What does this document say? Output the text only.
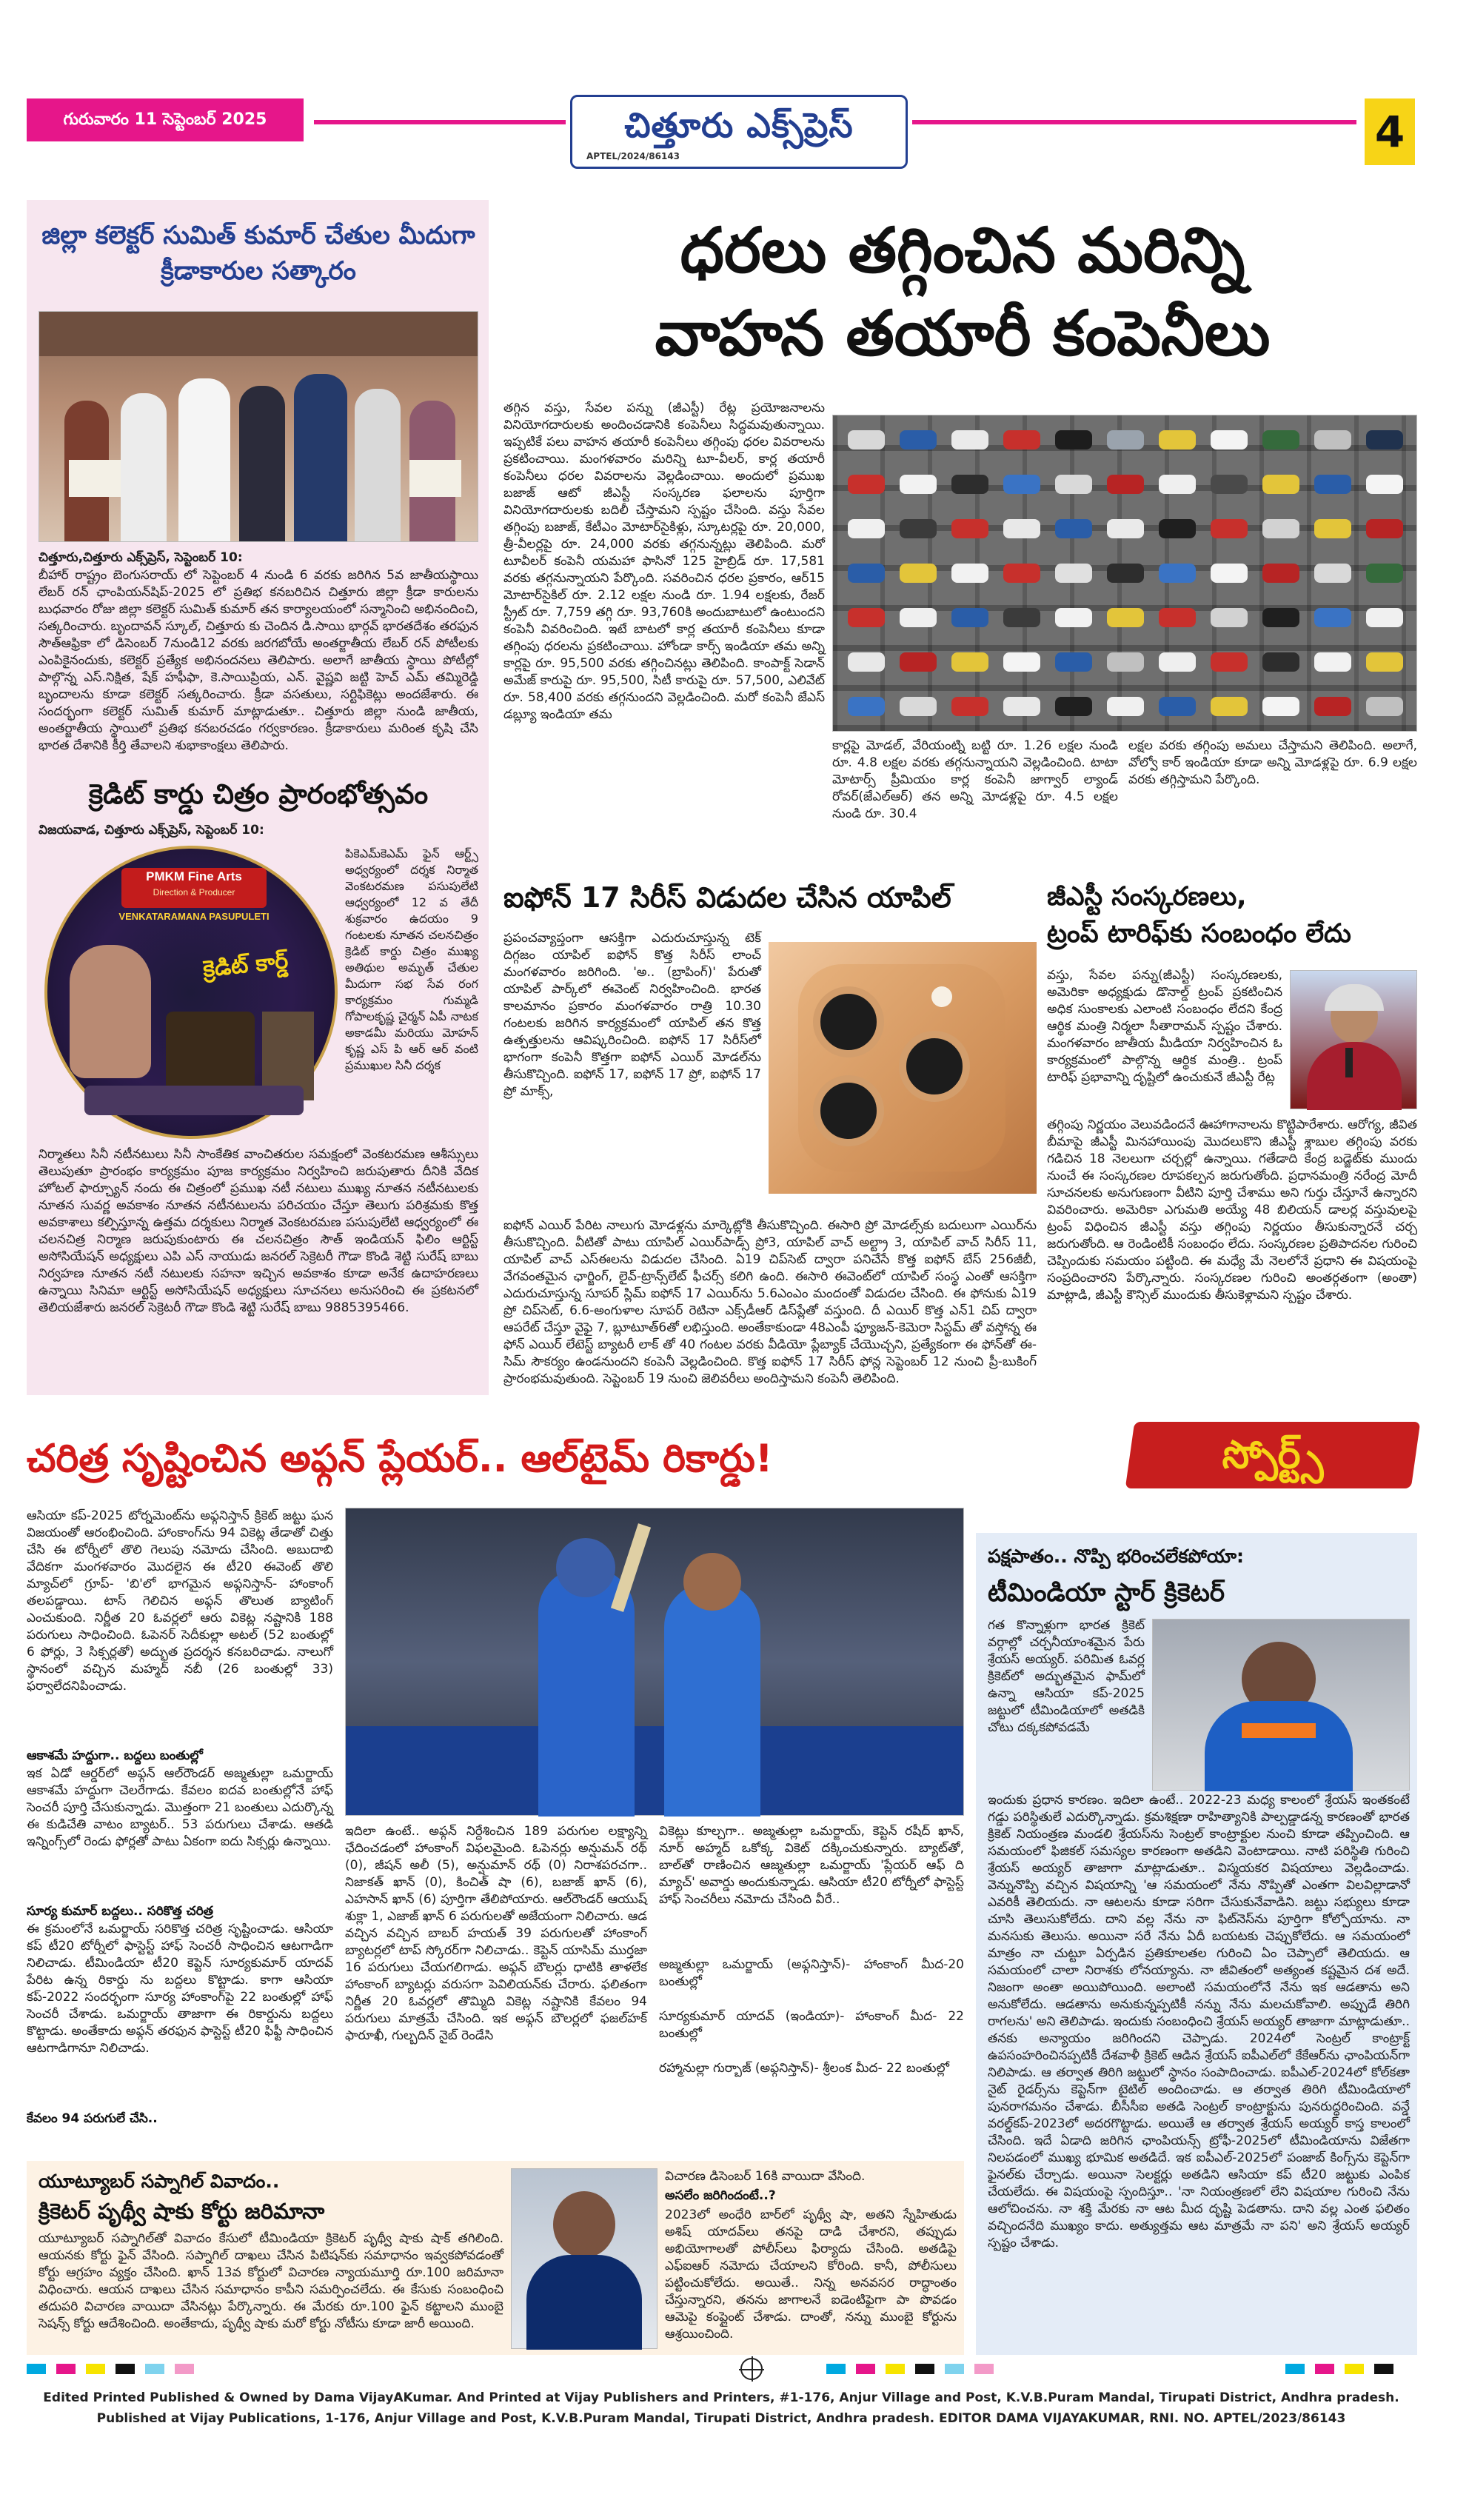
గురువారం 11 సెప్టెంబర్ 2025	చిత్తూరు ఎక్స్‌ప్రెస్
APTEL/2024/86143	4
జిల్లా కలెక్టర్ సుమిత్ కుమార్ చేతుల మీదుగా క్రీడాకారుల సత్కారం
చిత్తూరు,చిత్తూరు ఎక్స్‌ప్రెస్, సెప్టెంబర్ 10:
బీహార్ రాష్ట్రం బెంగుసరాయ్ లో సెప్టెంబర్ 4 నుండి 6 వరకు జరిగిన 5వ జాతీయస్థాయి లేబర్ రన్ ఛాంపియన్‌షిప్-2025 లో ప్రతిభ కనబరిచిన చిత్తూరు జిల్లా క్రీడా కారులను బుధవారం రోజు జిల్లా కలెక్టర్ సుమిత్ కుమార్ తన కార్యాలయంలో సన్మానించి అభినందించి, సత్కరించారు. బృందావన్ స్కూల్, చిత్తూరు కు చెందిన డి.సాయి భార్గవ్ భారతదేశం తరఫున సౌత్ఆఫ్రికా లో డిసెంబర్ 7నుండి12 వరకు జరగబోయే అంతర్జాతీయ లేబర్ రన్ పోటీలకు ఎంపికైనందుకు, కలెక్టర్ ప్రత్యేక అభినందనలు తెలిపారు. అలాగే జాతీయ స్థాయి పోటీల్లో పాల్గొన్న ఎస్.నిక్షిత, షేక్ హఫీఫా, కె.సాయిప్రియ, ఎన్. వైష్ణవి జట్టి హెచ్ ఎమ్ తమ్మిరెడ్డి బృందాలను కూడా కలెక్టర్ సత్కరించారు. క్రీడా వసతులు, సర్టిఫికెట్లు అందజేశారు. ఈ సందర్భంగా కలెక్టర్ సుమిత్ కుమార్ మాట్లాడుతూ.. చిత్తూరు జిల్లా నుండి జాతీయ, అంతర్జాతీయ స్థాయిలో ప్రతిభ కనబరచడం గర్వకారణం. క్రీడాకారులు మరింత కృషి చేసి భారత దేశానికి కీర్తి తేవాలని శుభాకాంక్షలు తెలిపారు.
క్రెడిట్ కార్డు చిత్రం ప్రారంభోత్సవం
విజయవాడ, చిత్తూరు ఎక్స్‌ప్రెస్, సెప్టెంబర్ 10:
PMKM Fine Arts
Direction & Producer
VENKATARAMANA PASUPULETI
క్రెడిట్ కార్డ్
పికెఎమ్‌కెఎమ్ ఫైన్ ఆర్ట్స్ అధ్వర్యంలో దర్శక నిర్మాత వెంకటరమణ పసుపులేటి ఆధ్వర్యంలో 12 వ తేదీ శుక్రవారం ఉదయం 9 గంటలకు నూతన చలనచిత్రం క్రెడిట్ కార్డు చిత్రం ముఖ్య అతిథుల అమృత్ చేతుల మీదుగా సభ సేవ రంగ కార్యక్రమం గుమ్మడి గోపాలకృష్ణ చైర్మన్ ఏపీ నాటక అకాడమీ మరియు మోహన్ కృష్ణ ఎస్ పి ఆర్ ఆర్ వంటి ప్రముఖుల సినీ దర్శక
నిర్మాతలు సినీ నటీనటులు సినీ సాంకేతిక వాంచితరుల సమక్షంలో వెంకటరమణ ఆశీస్సులు తెలుపుతూ ప్రారంభం కార్యక్రమం పూజ కార్యక్రమం నిర్వహించి జరుపుతారు దీనికి వేదిక హోటల్ ఫార్చ్యూన్ నందు ఈ చిత్రంలో ప్రముఖ నటీ నటులు ముఖ్య నూతన నటీనటులకు నూతన సువర్ణ అవకాశం నూతన నటీనటులను పరిచయం చేస్తూ తెలుగు పరిశ్రమకు కొత్త అవకాశాలు కల్పిస్తూన్న ఉత్తమ దర్శకులు నిర్మాత వెంకటరమణ పసుపులేటి ఆధ్వర్యంలో ఈ చలనచిత్ర నిర్మాణ జరుపుకుంటారు ఈ చలనచిత్రం సౌత్ ఇండియన్ ఫిలిం ఆర్టిస్ట్ అసోసియేషన్ అధ్యక్షులు ఎపి ఎస్ నాయుడు జనరల్ సెక్రెటరీ గౌడా కొండి శెట్టి సురేష్ బాబు నిర్వహణ నూతన నటీ నటులకు సహనా ఇచ్చిన అవకాశం కూడా అనేక ఉదాహరణలు ఉన్నాయి సినిమా ఆర్టిస్ట్ అసోసియేషన్ అధ్యక్షులు సూచనలు అనుసరించి ఈ ప్రకటనలో తెలియజేశారు జనరల్ సెక్రెటరీ గౌడా కొండి శెట్టి సురేష్ బాబు 9885395466.
ధరలు తగ్గించిన మరిన్ని
వాహన తయారీ కంపెనీలు
తగ్గిన వస్తు, సేవల పన్ను (జీఎస్టీ) రేట్ల ప్రయోజనాలను వినియోగదారులకు అందించడానికి కంపెనీలు సిద్ధమవుతున్నాయి. ఇప్పటికే పలు వాహన తయారీ కంపెనీలు తగ్గింపు ధరల వివరాలను ప్రకటించాయి. మంగళవారం మరిన్ని టూ-వీలర్, కార్ల తయారీ కంపెనీలు ధరల వివరాలను వెల్లడించాయి. అందులో ప్రముఖ బజాజ్ ఆటో జీఎస్టీ సంస్కరణ ఫలాలను పూర్తిగా వినియోగదారులకు బదిలీ చేస్తామని స్పష్టం చేసింది. వస్తు సేవల తగ్గింపు బజాజ్, కేటీఎం మోటార్‌సైకిళ్లు, స్కూటర్లపై రూ. 20,000, త్రీ-వీలర్లపై రూ. 24,000 వరకు తగ్గనున్నట్లు తెలిపింది. మరో టూవీలర్ కంపెనీ యమహా ఫాసినో 125 హైబ్రిడ్ రూ. 17,581 వరకు తగ్గనున్నాయని పేర్కొంది. సవరించిన ధరల ప్రకారం, ఆర్15 మోటార్‌సైకిల్ రూ. 2.12 లక్షల నుండి రూ. 1.94 లక్షలకు, రేజర్ స్ట్రీట్ రూ. 7,759 తగ్గి రూ. 93,760కి అందుబాటులో ఉంటుందని కంపెనీ వివరించింది. ఇటే బాటలో కార్ల తయారీ కంపెనీలు కూడా తగ్గింపు ధరలను ప్రకటించాయి. హోండా కార్స్ ఇండియా తమ అన్ని కార్లపై రూ. 95,500 వరకు తగ్గించినట్లు తెలిపింది. కాంపాక్ట్ సెడాన్ అమేజ్ కారుపై రూ. 95,500, సిటీ కారుపై రూ. 57,500, ఎలివేట్ రూ. 58,400 వరకు తగ్గనుందని వెల్లడించింది. మరో కంపెనీ జేఎస్ డబ్ల్యూ ఇండియా తమ
కార్లపై మోడల్, వేరియంట్ని బట్టి రూ. 1.26 లక్షల నుండి రూ. 4.8 లక్షల వరకు తగ్గనున్నాయని వెల్లడించింది. టాటా మోటార్స్ ప్రీమియం కార్ల కంపెనీ జాగ్వార్ ల్యాండ్ రోవర్(జేఎల్ఆర్) తన అన్ని మోడళ్లపై రూ. 4.5 లక్షల నుండి రూ. 30.4
లక్షల వరకు తగ్గింపు అమలు చేస్తామని తెలిపింది. అలాగే, వోల్వో కార్ ఇండియా కూడా అన్ని మోడళ్లపై రూ. 6.9 లక్షల వరకు తగ్గిస్తామని పేర్కొంది.
ఐఫోన్ 17 సిరీస్ విడుదల చేసిన యాపిల్
ప్రపంచవ్యాప్తంగా ఆసక్తిగా ఎదురుచూస్తున్న టెక్ దిగ్గజం యాపిల్ ఐఫోన్ కొత్త సిరీస్ లాంచ్ మంగళవారం జరిగింది. 'అ.. (బ్రాపింగ్)' పేరుతో యాపిల్ పార్క్‌లో ఈవెంట్ నిర్వహించింది. భారత కాలమానం ప్రకారం మంగళవారం రాత్రి 10.30 గంటలకు జరిగిన కార్యక్రమంలో యాపిల్ తన కొత్త ఉత్పత్తులను ఆవిష్కరించింది. ఐఫోన్ 17 సిరీస్‌లో భాగంగా కంపెనీ కొత్తగా ఐఫోన్ ఎయిర్ మోడల్‌ను తీసుకొచ్చింది. ఐఫోన్ 17, ఐఫోన్ 17 ప్రో, ఐఫోన్ 17 ప్రో మాక్స్,
ఐఫోన్ ఎయిర్ పేరిట నాలుగు మోడళ్లను మార్కెట్లోకి తీసుకొచ్చింది. ఈసారి ప్రో మోడల్స్‌కు బదులుగా ఎయిర్‌ను తీసుకొచ్చింది. వీటితో పాటు యాపిల్ ఎయిర్‌పాడ్స్ ప్రో3, యాపిల్ వాచ్ అల్ట్రా 3, యాపిల్ వాచ్ సిరీస్ 11, యాపిల్ వాచ్ ఎస్ఈలను విడుదల చేసింది. ఏ19 చిప్‌సెట్ ద్వారా పనిచేసే కొత్త ఐఫోన్ బేస్ 256జీబీ, వేగవంతమైన ఛార్జింగ్, లైవ్-ట్రాన్స్‌లేట్ ఫీచర్స్ కలిగి ఉంది. ఈసారి ఈవెంట్‌లో యాపిల్ సంస్థ ఎంతో ఆసక్తిగా ఎదురుచూస్తున్న సూపర్ స్లిమ్ ఐఫోన్ 17 ఎయిర్‌ను 5.6ఎంఎం మందంతో విడుదల చేసింది. ఈ ఫోనుకు ఏ19 ప్రో చిప్‌సెట్, 6.6-అంగుళాల సూపర్ రెటినా ఎక్స్‌డీఆర్ డిస్‌ప్లే‌తో వస్తుంది. దీ ఎయిర్ కొత్త ఎన్1 చిప్ ద్వారా ఆపరేట్ చేస్తూ వైఫై 7, బ్లూటూత్‌6తో లభిస్తుంది. అంతేకాకుండా 48ఎంపీ ఫ్యూజన్-కెమెరా సిస్టమ్ తో వస్తోన్న ఈ ఫోన్ ఎయిర్ లేటెస్ట్ బ్యాటరీ లాక్ తో 40 గంటల వరకు వీడియో ప్లేబ్యాక్ చేయొచ్చని, ప్రత్యేకంగా ఈ ఫోన్‌తో ఈ-సిమ్ సౌకర్యం ఉండనుందని కంపెనీ వెల్లడించింది. కొత్త ఐఫోన్ 17 సిరీస్ ఫోన్ల సెప్టెంబర్ 12 నుంచి ప్రీ-బుకింగ్ ప్రారంభమవుతుంది. సెప్టెంబర్ 19 నుంచి జెలివరీలు అందిస్తామని కంపెనీ తెలిపింది.
జీఎస్టీ సంస్కరణలు,
ట్రంప్ టారిఫ్‌కు సంబంధం లేదు
వస్తు, సేవల పన్ను(జీఎస్టీ) సంస్కరణలకు, అమెరికా అధ్యక్షుడు డొనాల్డ్ ట్రంప్ ప్రకటించిన అధిక సుంకాలకు ఎలాంటి సంబంధం లేదని కేంద్ర ఆర్థిక మంత్రి నిర్మలా సీతారామన్ స్పష్టం చేశారు. మంగళవారం జాతీయ మీడియా నిర్వహించిన ఓ కార్యక్రమంలో పాల్గొన్న ఆర్థిక మంత్రి.. ట్రంప్ టారిఫ్ ప్రభావాన్ని దృష్టిలో ఉంచుకునే జీఎస్టీ రేట్ల
తగ్గింపు నిర్ణయం వెలువడిందనే ఊహాగానాలను కొట్టిపారేశారు. ఆరోగ్య, జీవిత బీమాపై జీఎస్టీ మినహాయింపు మొదలుకొని జీఎస్టీ శ్లాబుల తగ్గింపు వరకు గడిచిన 18 నెలలుగా చర్చల్లో ఉన్నాయి. గతేడాది కేంద్ర బడ్జెట్‌కు ముందు నుంచే ఈ సంస్కరణల రూపకల్పన జరుగుతోంది. ప్రధానమంత్రి నరేంద్ర మోదీ సూచనలకు అనుగుణంగా వీటిని పూర్తి చేశాము అని గుర్తు చేస్తూనే ఉన్నారని వివరించారు. అమెరికా ఎగుమతి అయ్యే 48 బిలియన్ డాలర్ల వస్తువులపై ట్రంప్ విధించిన జీఎస్టీ వస్తు తగ్గింపు నిర్ణయం తీసుకున్నారనే చర్చ జరుగుతోంది. ఆ రెండింటికీ సంబంధం లేదు. సంస్కరణల ప్రతిపాదనల గురించి చెప్పిందుకు సమయం పట్టింది. ఈ మధ్యే మే నెలలోనే ప్రధాని ఈ విషయంపై సంప్రదించారని పేర్కొన్నారు. సంస్కరణల గురించి అంతర్గతంగా (అంతా) మాట్లాడి, జీఎస్టీ కౌన్సిల్ ముందుకు తీసుకెళ్లామని స్పష్టం చేశారు.
చరిత్ర సృష్టించిన అఫ్గన్ ప్లేయర్.. ఆల్‌టైమ్ రికార్డు!	స్పోర్ట్స్
ఆసియా కప్-2025 టోర్నమెంట్‌ను అఫ్గనిస్తాన్ క్రికెట్ జట్టు ఘన విజయంతో ఆరంభించింది. హాంకాంగ్‌ను 94 వికెట్ల తేడాతో చిత్తు చేసి ఈ టోర్నీలో తొలి గెలుపు నమోదు చేసింది. అబుదాబి వేదికగా మంగళవారం మొదలైన ఈ టీ20 ఈవెంట్ తొలి మ్యాచ్‌లో గ్రూప్- 'బి'లో భాగమైన అఫ్గనిస్తాన్- హాంకాంగ్ తలపడ్డాయి. టాస్ గెలిచిన అఫ్గన్ తొలుత బ్యాటింగ్ ఎంచుకుంది. నిర్ణీత 20 ఓవర్లలో ఆరు వికెట్ల నష్టానికి 188 పరుగులు సాధించింది. ఓపెనర్ సెదీకుల్లా అటల్ (52 బంతుల్లో 6 ఫోర్లు, 3 సిక్సర్లతో) అద్భుత ప్రదర్శన కనబరిచాడు. నాలుగో స్థానంలో వచ్చిన మహ్మద్ నబీ (26 బంతుల్లో 33) ఫర్వాలేదనిపించాడు.
ఆకాశమే హద్దుగా.. బద్దలు బంతుల్లో
ఇక ఏడో ఆర్డర్‌లో అఫ్గన్ ఆల్‌రౌండర్ అజ్మతుల్లా ఒమర్జాయ్ ఆకాశమే హద్దుగా చెలరేగాడు. కేవలం ఐదవ బంతుల్లోనే హాఫ్ సెంచరీ పూర్తి చేసుకున్నాడు. మొత్తంగా 21 బంతులు ఎదుర్కొన్న ఈ కుడిచేతి వాటం బ్యాటర్.. 53 పరుగులు చేశాడు. ఆతడి ఇన్నింగ్స్‌లో రెండు ఫోర్లతో పాటు ఏకంగా ఐదు సిక్సర్లు ఉన్నాయి.
సూర్య కుమార్ బద్దలు.. సరికొత్త చరిత్ర
ఈ క్రమంలోనే ఒమర్జాయ్ సరికొత్త చరిత్ర సృష్టించాడు. ఆసియా కప్ టీ20 టోర్నీలో ఫాస్టెస్ట్ హాఫ్ సెంచరీ సాధించిన ఆటగాడిగా నిలిచాడు. టీమిండియా టీ20 కెప్టెన్ సూర్యకుమార్ యాదవ్ పేరిట ఉన్న రికార్డు ను బద్దలు కొట్టాడు. కాగా ఆసియా కప్-2022 సందర్భంగా సూర్య హాంకాంగ్‌పై 22 బంతుల్లో హాఫ్ సెంచరీ చేశాడు. ఒమర్జాయ్ తాజాగా ఈ రికార్డును బద్దలు కొట్టాడు. అంతేకాదు అఫ్గన్ తరఫున ఫాస్టెస్ట్ టీ20 ఫిఫ్టీ సాధించిన ఆటగాడిగానూ నిలిచాడు.
కేవలం 94 పరుగులే చేసి..
ఇదిలా ఉంటే.. అఫ్గన్ నిర్దేశించిన 189 పరుగుల లక్ష్యాన్ని ఛేదించడంలో హాంకాంగ్ విఫలమైంది. ఓపెనర్లు అన్షుమన్ రథ్ (0), జీషన్ అలీ (5), అన్షుమాన్ రథ్ (0) నిరాశపరచగా.. నిజాకత్ ఖాన్ (0), కించిత్ షా (6), బజాజ్ ఖాన్ (6), ఎహసాన్ ఖాన్ (6) పూర్తిగా తేలిపోయారు. ఆల్‌రౌండర్ ఆయుష్ శుక్లా 1, ఎజాజ్ ఖాన్ 6 పరుగులతో అజేయంగా నిలిచారు. ఆడ వచ్చిన వచ్చిన బాబర్ హయత్ 39 పరుగులతో హాంకాంగ్ బ్యాటర్లలో టాప్ స్కోరర్‌గా నిలిచాడు.. కెప్టెన్ యాసిమ్ ముర్తజా 16 పరుగులు చేయగలిగాడు. అఫ్గన్ బౌలర్లు ధాటికి తాళలేక హాంకాంగ్ బ్యాటర్లు వరుసగా పెవిలియన్‌కు చేరారు. ఫలితంగా నిర్ణీత 20 ఓవర్లలో తొమ్మిది వికెట్ల నష్టానికి కేవలం 94 పరుగులు మాత్రమే చేసింది. ఇక అఫ్గన్ బౌలర్లలో ఫజల్‌హక్ ఫారూఖీ, గుల్బదిన్ నైబ్ రెండేసి
వికెట్లు కూల్చగా.. అజ్మతుల్లా ఒమర్జాయ్, కెప్టెన్ రషీద్ ఖాన్, నూర్ అహ్మద్ ఒకోక్క వికెట్ దక్కించుకున్నారు. బ్యాట్‌తో, బాల్‌తో రాణించిన ఆజ్మతుల్లా ఒమర్జాయ్ 'ప్లేయర్ ఆఫ్ ది మ్యాచ్' అవార్డు అందుకున్నాడు. ఆసియా టీ20 టోర్నీలో ఫాస్టెస్ట్ హాఫ్ సెంచరీలు నమోదు చేసింది వీరే..
అజ్మతుల్లా ఒమర్జాయ్ (అఫ్గనిస్తాన్)- హాంకాంగ్ మీద-20 బంతుల్లో
సూర్యకుమార్ యాదవ్ (ఇండియా)- హాంకాంగ్ మీద- 22 బంతుల్లో
రహ్మానుల్లా గుర్బాజ్ (అఫ్గనిస్తాన్)- శ్రీలంక మీద- 22 బంతుల్లో
పక్షపాతం.. నొప్పి భరించలేకపోయా:
టీమిండియా స్టార్ క్రికెటర్
గత కొన్నాళ్లుగా భారత క్రికెట్ వర్గాల్లో చర్చనీయాంశమైన పేరు శ్రేయస్ అయ్యర్. పరిమిత ఓవర్ల క్రికెట్‌లో అద్భుతమైన ఫామ్‌లో ఉన్నా ఆసియా కప్-2025 జట్టులో టీమిండియాలో అతడికి చోటు దక్కకపోవడమే
ఇందుకు ప్రధాన కారణం. ఇదిలా ఉంటే.. 2022-23 మధ్య కాలంలో శ్రేయస్ ఇంతకంటే గడ్డు పరిస్థితులే ఎదుర్కొన్నాడు. క్రమశిక్షణా రాహిత్యానికి పాల్పడ్డాడన్న కారణంతో భారత క్రికెట్ నియంత్రణ మండలి శ్రేయస్‌ను సెంట్రల్ కాంట్రాక్టుల నుంచి కూడా తప్పించింది. ఆ సమయంలో ఫిజికల్ సమస్యల కారణంగా అతడిని వెంటాడాయి. నాటి పరిస్థితి గురించి శ్రేయస్ అయ్యర్ తాజాగా మాట్లాడుతూ.. విస్మయకర విషయాలు వెల్లడించాడు. వెన్నునొప్పి వచ్చిన విషయాన్ని 'ఆ సమయంలో నేను నొప్పితో ఎంతగా విలవిల్లాడానో ఎవరికీ తెలియదు. నా ఆటలను కూడా సరిగా చేసుకునేవాడిని. జట్టు సభ్యులు కూడా చూసి తెలుసుకోలేదు. దాని వల్ల నేను నా ఫిట్‌నెస్‌ను పూర్తిగా కోల్పోయాను. నా మనసుకు తెలుసు. అయినా సరే నేను ఏదీ బయటకు చెప్పుకోలేదు. ఆ సమయంలో మాత్రం నా చుట్టూ ఏర్పడిన ప్రతికూలతల గురించి ఏం చెప్పాలో తెలియదు. ఆ సమయంలో చాలా నిరాశకు లోనయ్యాను. నా జీవితంలో అత్యంత కష్టమైన దశ అదే. నిజంగా అంతా అయిపోయింది. అలాంటి సమయంలోనే నేను ఇక ఆడతాను అని అనుకోలేదు. ఆడతాను అనుకున్నప్పటికీ నన్ను నేను మలచుకోవాలి. అప్పుడే తిరిగి రాగలను' అని తెలిపాడు. ఇందుకు సంబంధించి శ్రేయస్ అయ్యర్ తాజాగా మాట్లాడుతూ.. తనకు అన్యాయం జరిగిందని చెప్పాడు. 2024లో సెంట్రల్ కాంట్రాక్ట్ ఉపసంహరించినప్పటికీ దేశవాళీ క్రికెట్ ఆడిన శ్రేయస్ ఐపీఎల్‌లో కేకేఆర్‌ను ఛాంపియన్‌గా నిలిపాడు. ఆ తర్వాత తిరిగి జట్టులో స్థానం సంపాదించాడు. ఐపీఎల్-2024లో కోల్‌కతా నైట్ రైడర్స్‌ను కెప్టెన్‌గా టైటిల్ అందించాడు. ఆ తర్వాత తిరిగి టీమిండియాలో పునరాగమనం చేశాడు. బీసీసీఐ అతడి సెంట్రల్ కాంట్రాక్టును పునరుద్ధరించింది. వన్డే వరల్డ్‌కప్-2023లో అదరగొట్టాడు. అయితే ఆ తర్వాత శ్రేయస్ అయ్యర్ కాస్త కాలంలో చేసింది. ఇదే ఏడాది జరిగిన ఛాంపియన్స్ ట్రోఫీ-2025లో టీమిండియాను విజేతగా నిలపడంలో ముఖ్య భూమిక అతడిదే. ఇక ఐపీఎల్-2025లో పంజాబ్ కింగ్స్‌ను కెప్టెన్‌గా ఫైనల్‌కు చేర్చాడు. అయినా సెలక్టర్లు అతడిని ఆసియా కప్ టీ20 జట్టుకు ఎంపిక చేయలేదు. ఈ విషయంపై స్పందిస్తూ.. 'నా నియంత్రణలో లేని విషయాల గురించి నేను ఆలోచించను. నా శక్తి మేరకు నా ఆట మీద దృష్టి పెడతాను. దాని వల్ల ఎంత ఫలితం వచ్చిందనేది ముఖ్యం కాదు. అత్యుత్తమ ఆట మాత్రమే నా పని' అని శ్రేయస్ అయ్యర్ స్పష్టం చేశాడు.
యూట్యూబర్ సప్నాగిల్ వివాదం..
క్రికెటర్ పృథ్వీ షాకు కోర్టు జరిమానా
యూట్యూబర్ సప్నాగిల్‌తో వివాదం కేసులో టీమిండియా క్రికెటర్ పృథ్వీ షాకు షాక్ తగిలింది. ఆయనకు కోర్టు ఫైన్ వేసింది. సప్నాగిల్ దాఖలు చేసిన పిటిషన్‌కు సమాధానం ఇవ్వకపోవడంతో కోర్టు ఆగ్రహం వ్యక్తం చేసింది. ఖాన్ 13వ కోర్టులో విచారణ న్యాయమూర్తి రూ.100 జరిమానా విధించారు. ఆయన దాఖలు చేసిన సమాధానం కాపీని సమర్పించలేదు. ఈ కేసుకు సంబంధించి తదుపరి విచారణ వాయిదా వేసినట్లు పేర్కొన్నారు. ఈ మేరకు రూ.100 ఫైన్ కట్టాలని ముంబై సెషన్స్ కోర్టు ఆదేశించింది. అంతేకాదు, పృథ్వీ షాకు మరో కోర్టు నోటీసు కూడా జారీ అయింది.
విచారణ డిసెంబర్ 16కి వాయిదా వేసింది.
అసలేం జరిగిందంటే..?
2023లో అంధేరి బార్‌లో పృథ్వీ షా, అతని స్నేహితుడు అశిష్ యాదవ్‌లు తనపై దాడి చేశారని, తప్పుడు అభియోగాలతో పోలీస్‌లు ఫిర్యాదు చేసింది. అతడిపై ఎఫ్ఐఆర్ నమోదు చేయాలని కోరింది. కానీ, పోలీసులు పట్టించుకోలేదు. అయితే.. నిన్న అనవసర రాద్ధాంతం చేస్తున్నారని, తనను జాగాలనే ఐడెంటిఫైగా పా పొవడం ఆమెపై కంప్లైంట్ చేశాడు. దాంతో, నన్ను ముంబై కోర్టును ఆశ్రయించింది.
Edited Printed Published & Owned by Dama VijayAKumar. And Printed at Vijay Publishers and Printers, #1-176, Anjur Village and Post, K.V.B.Puram Mandal, Tirupati District, Andhra pradesh.
Published at Vijay Publications, 1-176, Anjur Village and Post, K.V.B.Puram Mandal, Tirupati District, Andhra pradesh. EDITOR DAMA VIJAYAKUMAR, RNI. NO. APTEL/2023/86143
